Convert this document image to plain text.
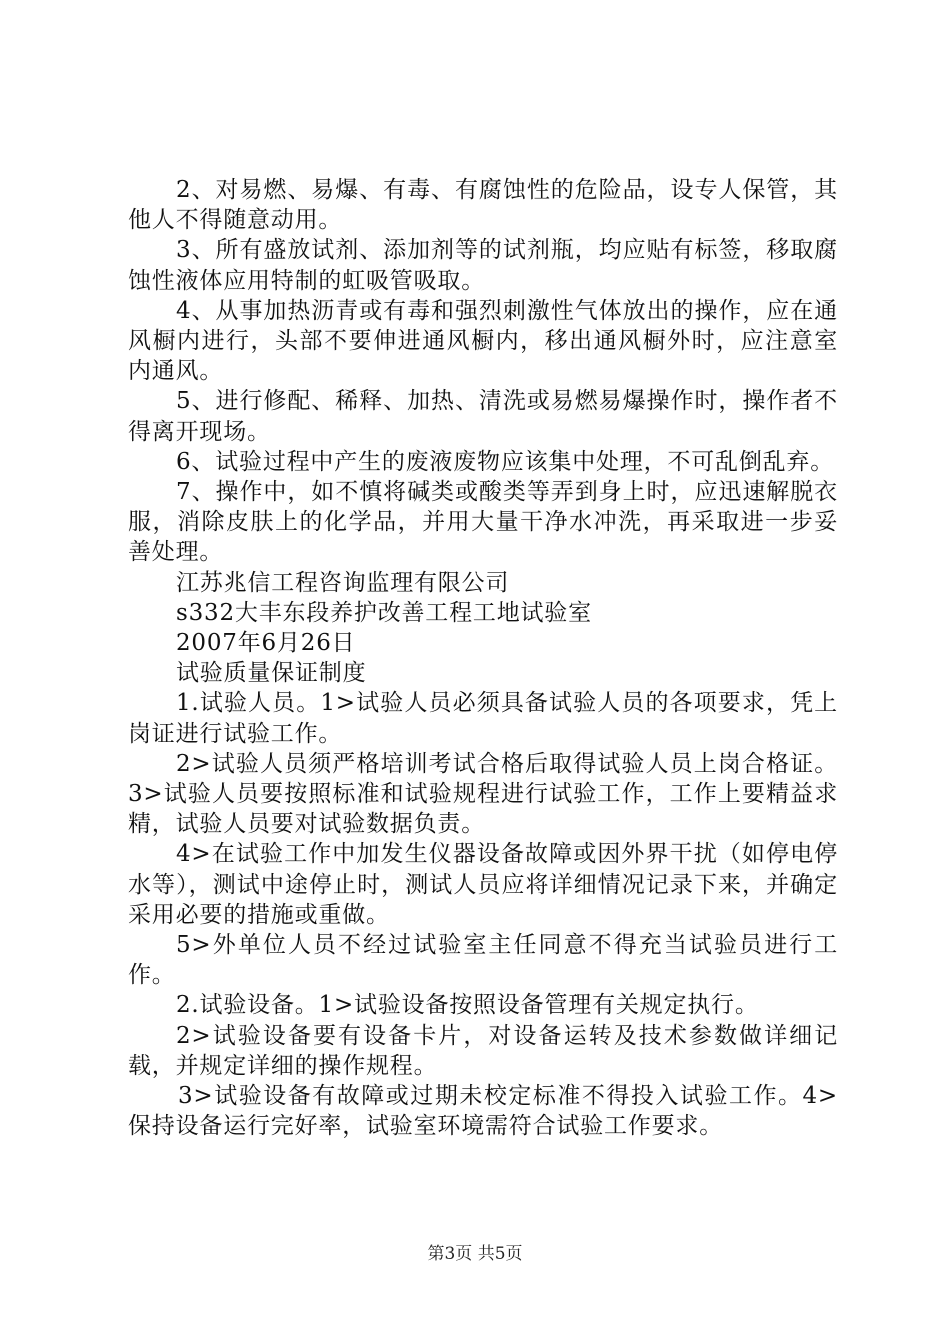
2、对易燃、易爆、有毒、有腐蚀性的危险品，设专人保管，其他人不得随意动用。

3、所有盛放试剂、添加剂等的试剂瓶，均应贴有标签，移取腐蚀性液体应用特制的虹吸管吸取。

4、从事加热沥青或有毒和强烈刺激性气体放出的操作，应在通风橱内进行，头部不要伸进通风橱内，移出通风橱外时，应注意室内通风。

5、进行修配、稀释、加热、清洗或易燃易爆操作时，操作者不得离开现场。

6、试验过程中产生的废液废物应该集中处理，不可乱倒乱弃。

7、操作中，如不慎将碱类或酸类等弄到身上时，应迅速解脱衣服，消除皮肤上的化学品，并用大量干净水冲洗，再采取进一步妥善处理。

江苏兆信工程咨询监理有限公司

s332大丰东段养护改善工程工地试验室

2007年6月26日

试验质量保证制度

1.试验人员。1>试验人员必须具备试验人员的各项要求，凭上岗证进行试验工作。

2>试验人员须严格培训考试合格后取得试验人员上岗合格证。3>试验人员要按照标准和试验规程进行试验工作，工作上要精益求精，试验人员要对试验数据负责。

4>在试验工作中加发生仪器设备故障或因外界干扰（如停电停水等），测试中途停止时，测试人员应将详细情况记录下来，并确定采用必要的措施或重做。

5>外单位人员不经过试验室主任同意不得充当试验员进行工作。

2.试验设备。1>试验设备按照设备管理有关规定执行。

2>试验设备要有设备卡片，对设备运转及技术参数做详细记载，并规定详细的操作规程。

3>试验设备有故障或过期未校定标准不得投入试验工作。4>保持设备运行完好率，试验室环境需符合试验工作要求。

第3页 共5页
